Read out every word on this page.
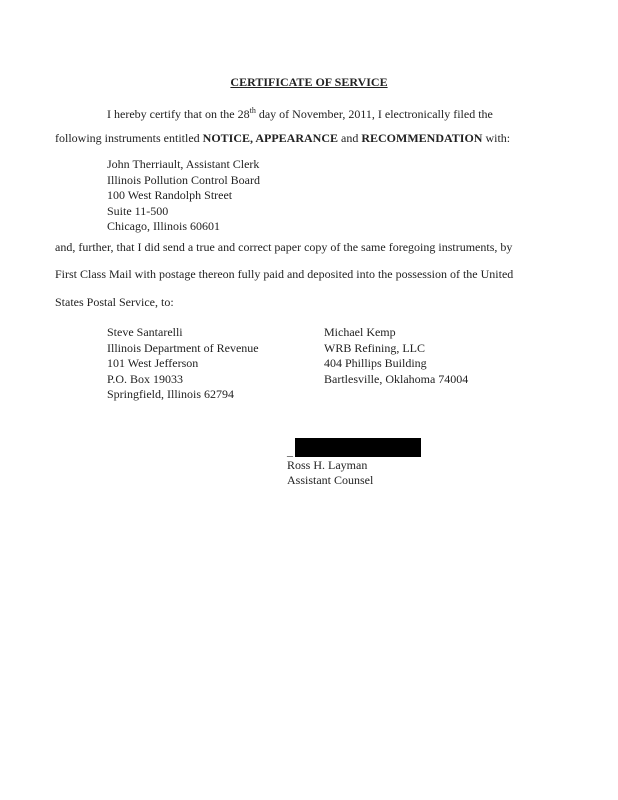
CERTIFICATE OF SERVICE
I hereby certify that on the 28th day of November, 2011, I electronically filed the
following instruments entitled NOTICE, APPEARANCE and RECOMMENDATION with:
John Therriault, Assistant Clerk
Illinois Pollution Control Board
100 West Randolph Street
Suite 11-500
Chicago, Illinois 60601
and, further, that I did send a true and correct paper copy of the same foregoing instruments, by
First Class Mail with postage thereon fully paid and deposited into the possession of the United
States Postal Service, to:
Steve Santarelli
Illinois Department of Revenue
101 West Jefferson
P.O. Box 19033
Springfield, Illinois 62794
Michael Kemp
WRB Refining, LLC
404 Phillips Building
Bartlesville, Oklahoma 74004
_
Ross H. Layman
Assistant Counsel
